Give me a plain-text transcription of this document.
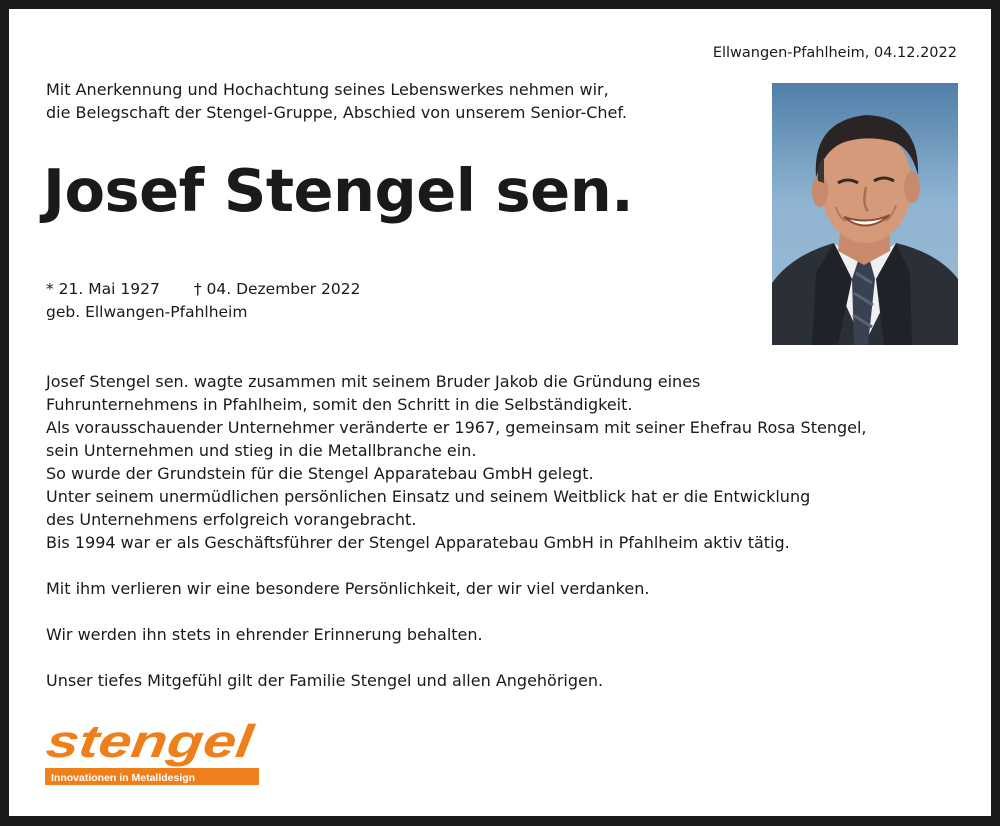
Ellwangen-Pfahlheim, 04.12.2022
Mit Anerkennung und Hochachtung seines Lebenswerkes nehmen wir,
die Belegschaft der Stengel-Gruppe, Abschied von unserem Senior-Chef.
Josef Stengel sen.
* 21. Mai 1927 † 04. Dezember 2022
geb. Ellwangen-Pfahlheim
Josef Stengel sen. wagte zusammen mit seinem Bruder Jakob die Gründung eines
Fuhrunternehmens in Pfahlheim, somit den Schritt in die Selbständigkeit.
Als vorausschauender Unternehmer veränderte er 1967, gemeinsam mit seiner Ehefrau Rosa Stengel,
sein Unternehmen und stieg in die Metallbranche ein.
So wurde der Grundstein für die Stengel Apparatebau GmbH gelegt.
Unter seinem unermüdlichen persönlichen Einsatz und seinem Weitblick hat er die Entwicklung
des Unternehmens erfolgreich vorangebracht.
Bis 1994 war er als Geschäftsführer der Stengel Apparatebau GmbH in Pfahlheim aktiv tätig.
Mit ihm verlieren wir eine besondere Persönlichkeit, der wir viel verdanken.
Wir werden ihn stets in ehrender Erinnerung behalten.
Unser tiefes Mitgefühl gilt der Familie Stengel und allen Angehörigen.
stengel
Innovationen in Metalldesign
